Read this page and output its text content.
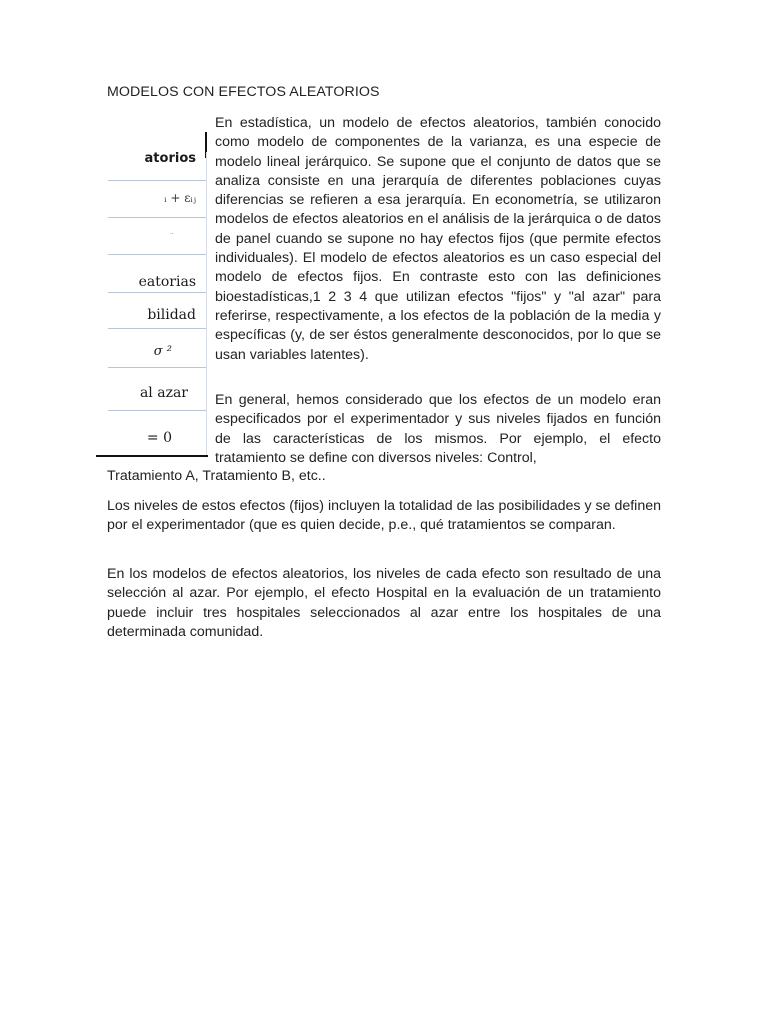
MODELOS CON EFECTOS ALEATORIOS
atorios
ᵢ + εᵢⱼ
¨
eatorias
bilidad
σ ²
al azar
= 0

En estadística, un modelo de efectos aleatorios, también conocido como modelo de componentes de la varianza, es una especie de modelo lineal jerárquico. Se supone que el conjunto de datos que se analiza consiste en una jerarquía de diferentes poblaciones cuyas diferencias se refieren a esa jerarquía. En econometría, se utilizaron modelos de efectos aleatorios en el análisis de la jerárquica o de datos de panel cuando se supone no hay efectos fijos (que permite efectos individuales). El modelo de efectos aleatorios es un caso especial del modelo de efectos fijos. En contraste esto con las definiciones bioestadísticas,1 2 3 4 que utilizan efectos "fijos" y "al azar" para referirse, respectivamente, a los efectos de la población de la media y específicas (y, de ser éstos generalmente desconocidos, por lo que se usan variables latentes).

En general, hemos considerado que los efectos de un modelo eran especificados por el experimentador y sus niveles fijados en función de las características de los mismos. Por ejemplo, el efecto tratamiento se define con diversos niveles: Control,

Tratamiento A, Tratamiento B, etc..

Los niveles de estos efectos (fijos) incluyen la totalidad de las posibilidades y se definen por el experimentador (que es quien decide, p.e., qué tratamientos se comparan.

En los modelos de efectos aleatorios, los niveles de cada efecto son resultado de una selección al azar. Por ejemplo, el efecto Hospital en la evaluación de un tratamiento puede incluir tres hospitales seleccionados al azar entre los hospitales de una determinada comunidad.
